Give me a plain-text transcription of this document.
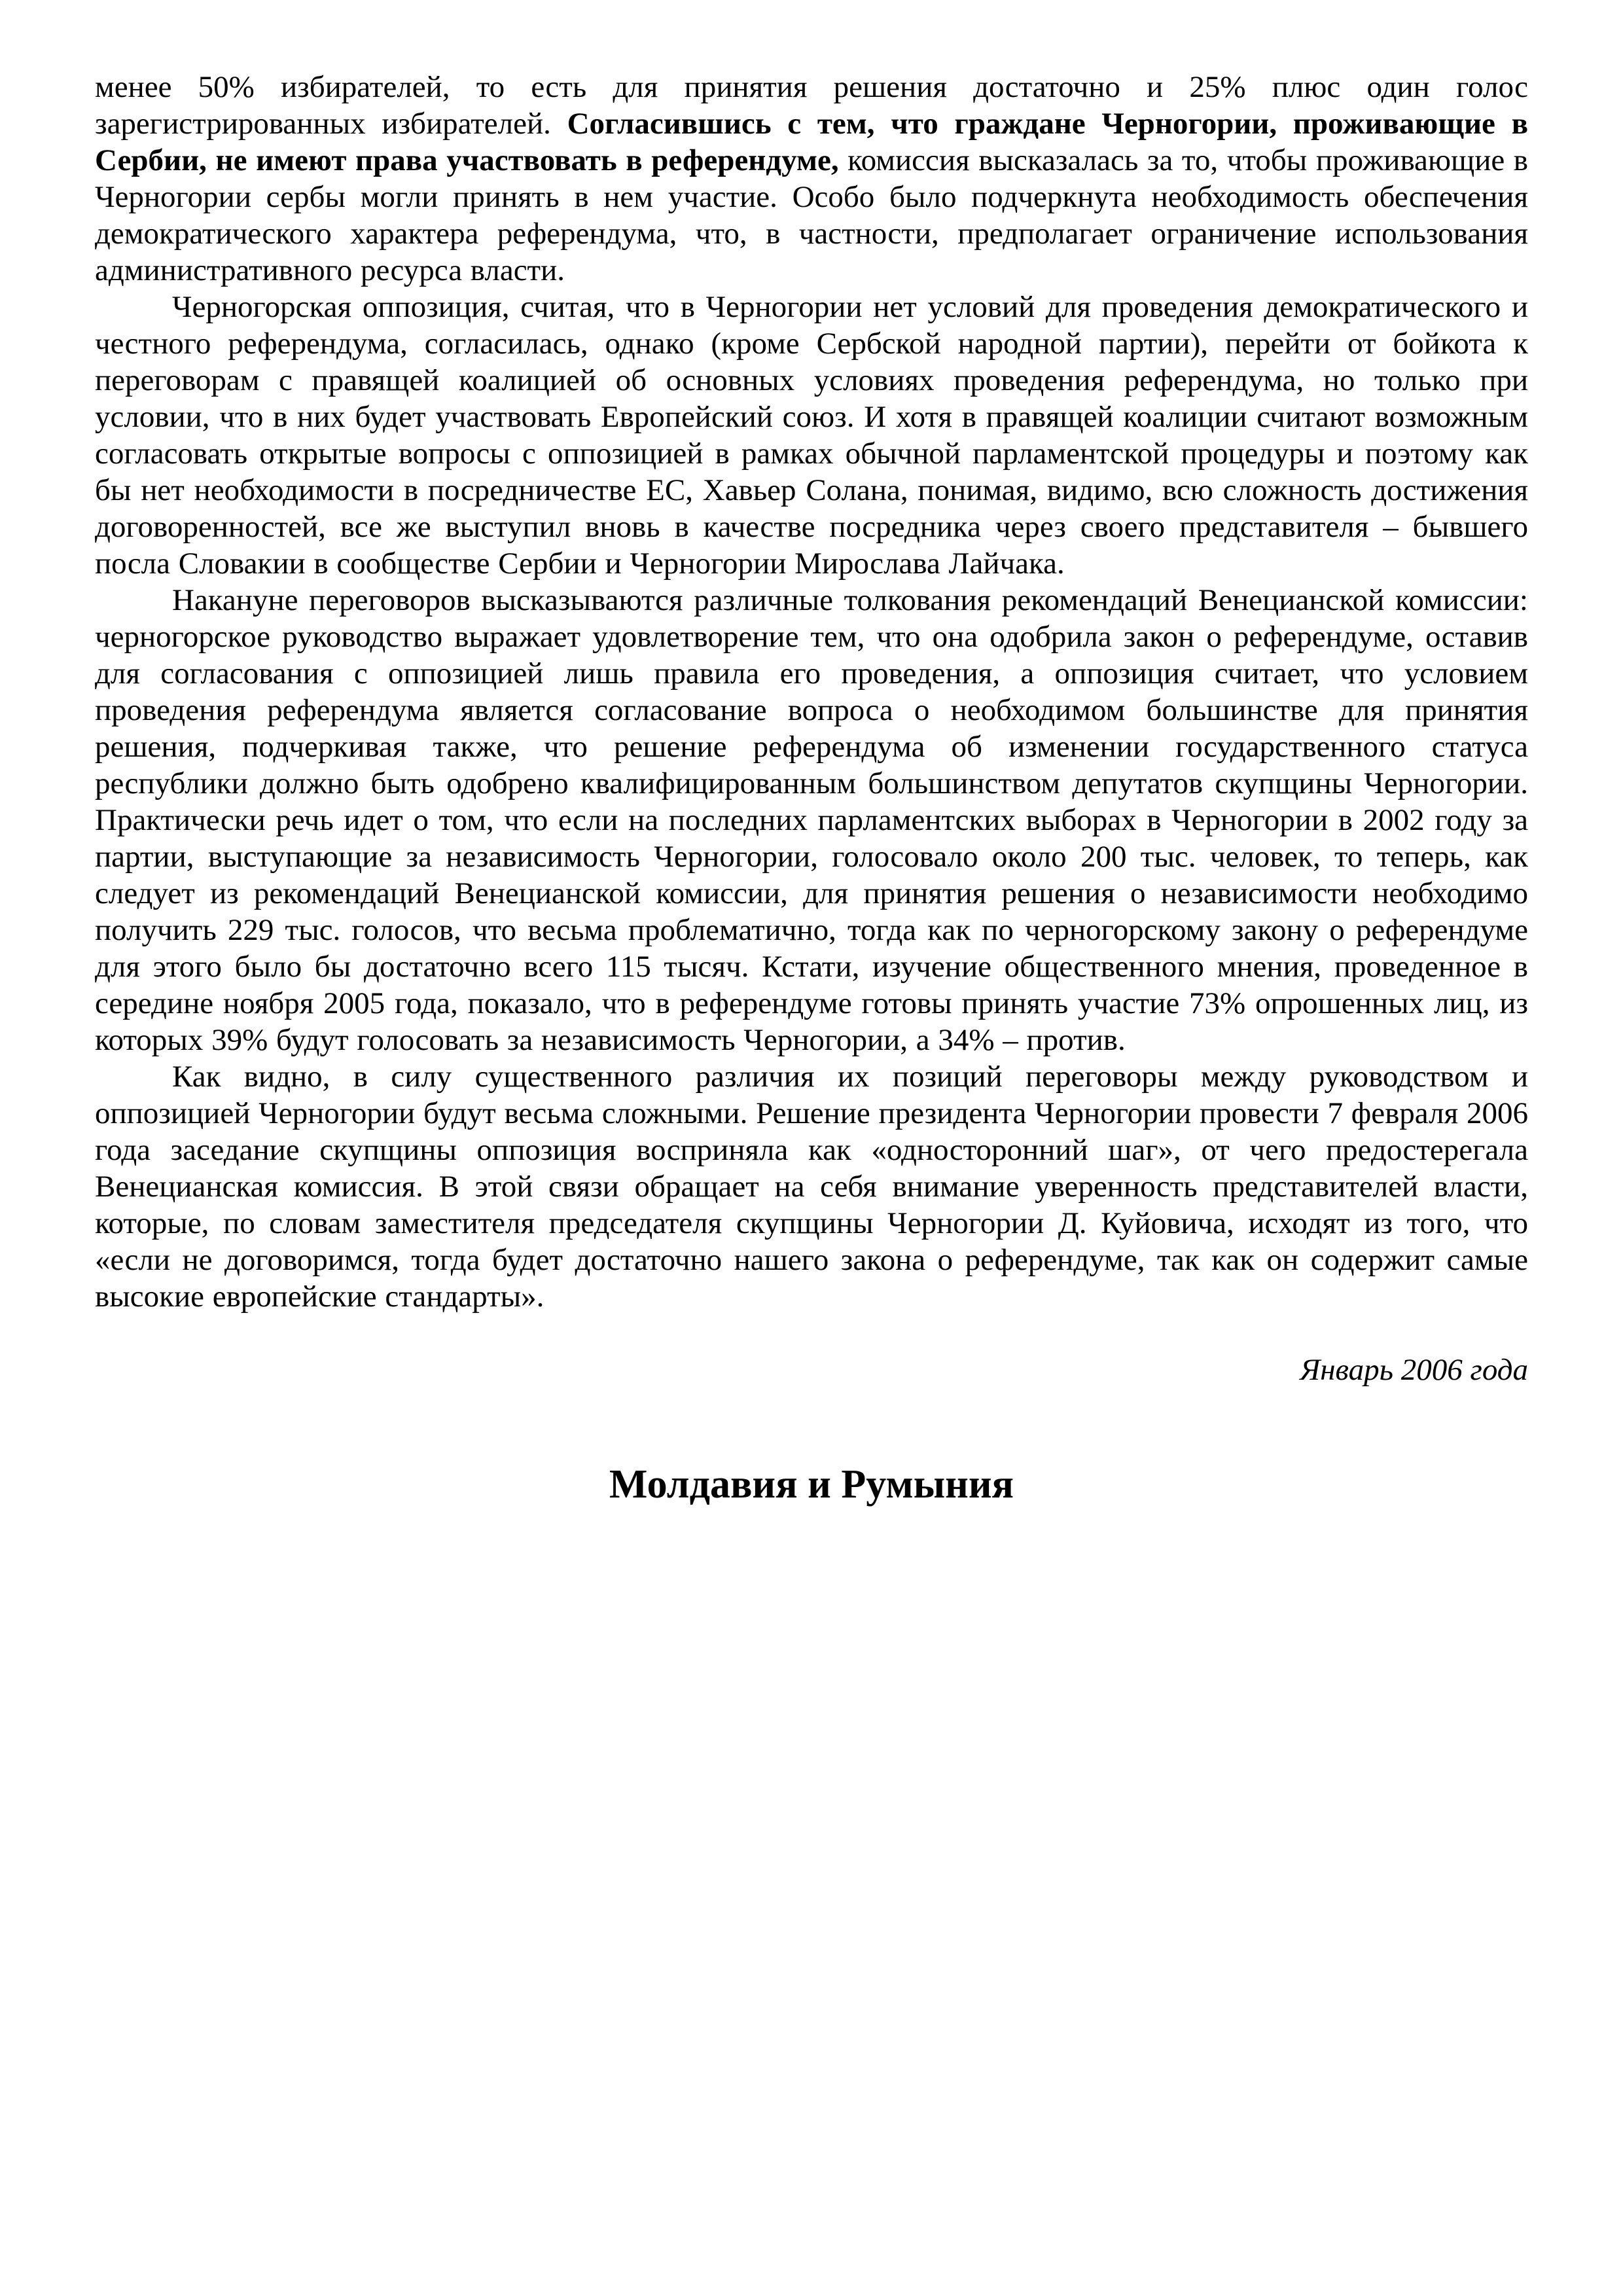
менее 50% избирателей, то есть для принятия решения достаточно и 25% плюс один голос зарегистрированных избирателей. Согласившись с тем, что граждане Черногории, проживающие в Сербии, не имеют права участвовать в референдуме, комиссия высказалась за то, чтобы проживающие в Черногории сербы могли принять в нем участие. Особо было подчеркнута необходимость обеспечения демократического характера референдума, что, в частности, предполагает ограничение использования административного ресурса власти.

Черногорская оппозиция, считая, что в Черногории нет условий для проведения демократического и честного референдума, согласилась, однако (кроме Сербской народной партии), перейти от бойкота к переговорам с правящей коалицией об основных условиях проведения референдума, но только при условии, что в них будет участвовать Европейский союз. И хотя в правящей коалиции считают возможным согласовать открытые вопросы с оппозицией в рамках обычной парламентской процедуры и поэтому как бы нет необходимости в посредничестве ЕС, Хавьер Солана, понимая, видимо, всю сложность достижения договоренностей, все же выступил вновь в качестве посредника через своего представителя – бывшего посла Словакии в сообществе Сербии и Черногории Мирослава Лайчака.

Накануне переговоров высказываются различные толкования рекомендаций Венецианской комиссии: черногорское руководство выражает удовлетворение тем, что она одобрила закон о референдуме, оставив для согласования с оппозицией лишь правила его проведения, а оппозиция считает, что условием проведения референдума является согласование вопроса о необходимом большинстве для принятия решения, подчеркивая также, что решение референдума об изменении государственного статуса республики должно быть одобрено квалифицированным большинством депутатов скупщины Черногории. Практически речь идет о том, что если на последних парламентских выборах в Черногории в 2002 году за партии, выступающие за независимость Черногории, голосовало около 200 тыс. человек, то теперь, как следует из рекомендаций Венецианской комиссии, для принятия решения о независимости необходимо получить 229 тыс. голосов, что весьма проблематично, тогда как по черногорскому закону о референдуме для этого было бы достаточно всего 115 тысяч. Кстати, изучение общественного мнения, проведенное в середине ноября 2005 года, показало, что в референдуме готовы принять участие 73% опрошенных лиц, из которых 39% будут голосовать за независимость Черногории, а 34% – против.

Как видно, в силу существенного различия их позиций переговоры между руководством и оппозицией Черногории будут весьма сложными. Решение президента Черногории провести 7 февраля 2006 года заседание скупщины оппозиция восприняла как «односторонний шаг», от чего предостерегала Венецианская комиссия. В этой связи обращает на себя внимание уверенность представителей власти, которые, по словам заместителя председателя скупщины Черногории Д. Куйовича, исходят из того, что «если не договоримся, тогда будет достаточно нашего закона о референдуме, так как он содержит самые высокие европейские стандарты».

Январь 2006 года

Молдавия и Румыния
